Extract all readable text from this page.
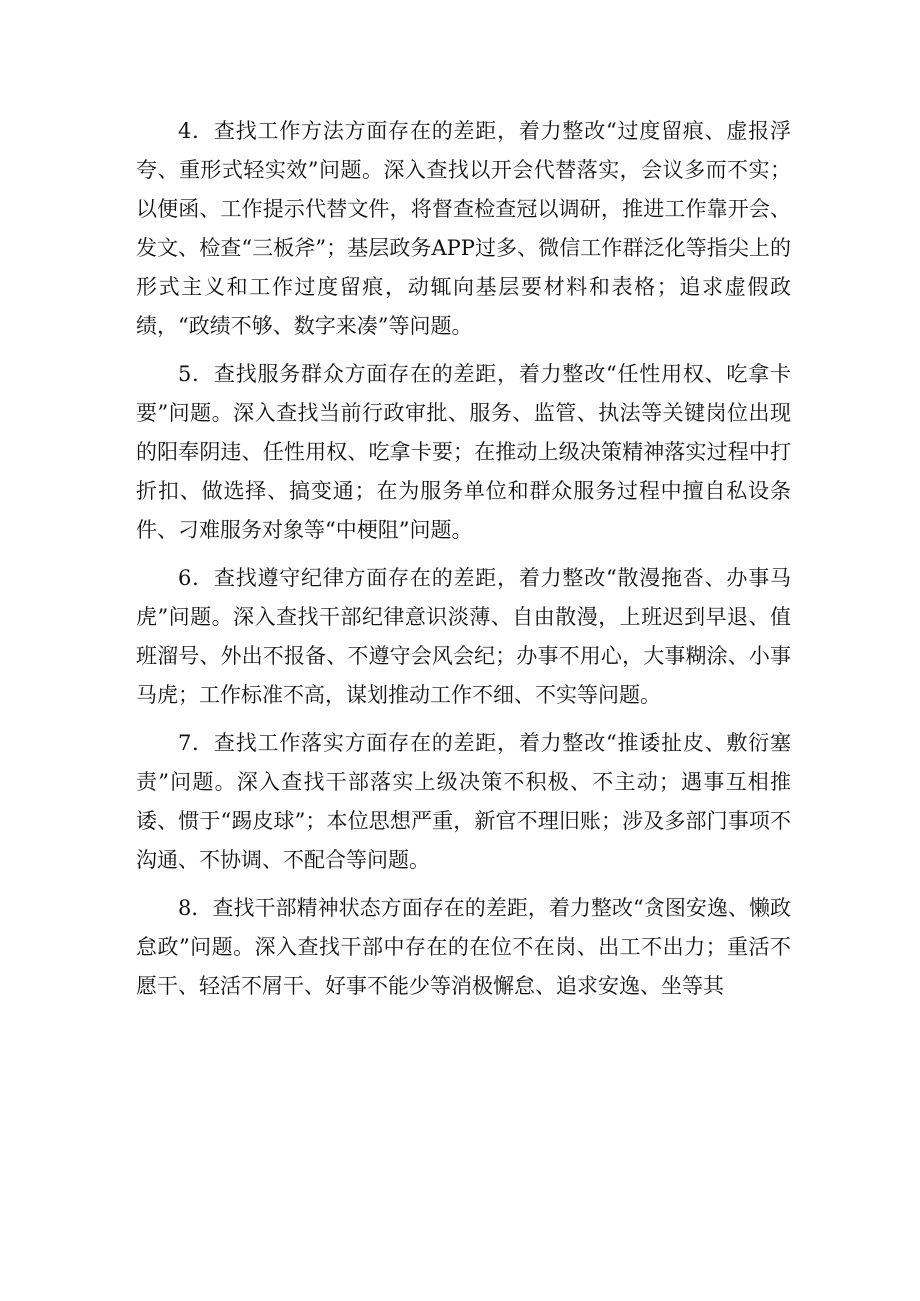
4．查找工作方法方面存在的差距，着力整改“过度留痕、虚报浮夸、重形式轻实效”问题。深入查找以开会代替落实，会议多而不实；以便函、工作提示代替文件，将督查检查冠以调研，推进工作靠开会、发文、检查“三板斧”；基层政务APP过多、微信工作群泛化等指尖上的形式主义和工作过度留痕，动辄向基层要材料和表格；追求虚假政绩，“政绩不够、数字来凑”等问题。

5．查找服务群众方面存在的差距，着力整改“任性用权、吃拿卡要”问题。深入查找当前行政审批、服务、监管、执法等关键岗位出现的阳奉阴违、任性用权、吃拿卡要；在推动上级决策精神落实过程中打折扣、做选择、搞变通；在为服务单位和群众服务过程中擅自私设条件、刁难服务对象等“中梗阻”问题。

6．查找遵守纪律方面存在的差距，着力整改“散漫拖沓、办事马虎”问题。深入查找干部纪律意识淡薄、自由散漫，上班迟到早退、值班溜号、外出不报备、不遵守会风会纪；办事不用心，大事糊涂、小事马虎；工作标准不高，谋划推动工作不细、不实等问题。

7．查找工作落实方面存在的差距，着力整改“推诿扯皮、敷衍塞责”问题。深入查找干部落实上级决策不积极、不主动；遇事互相推诿、惯于“踢皮球”；本位思想严重，新官不理旧账；涉及多部门事项不沟通、不协调、不配合等问题。

8．查找干部精神状态方面存在的差距，着力整改“贪图安逸、懒政怠政”问题。深入查找干部中存在的在位不在岗、出工不出力；重活不愿干、轻活不屑干、好事不能少等消极懈怠、追求安逸、坐等其
